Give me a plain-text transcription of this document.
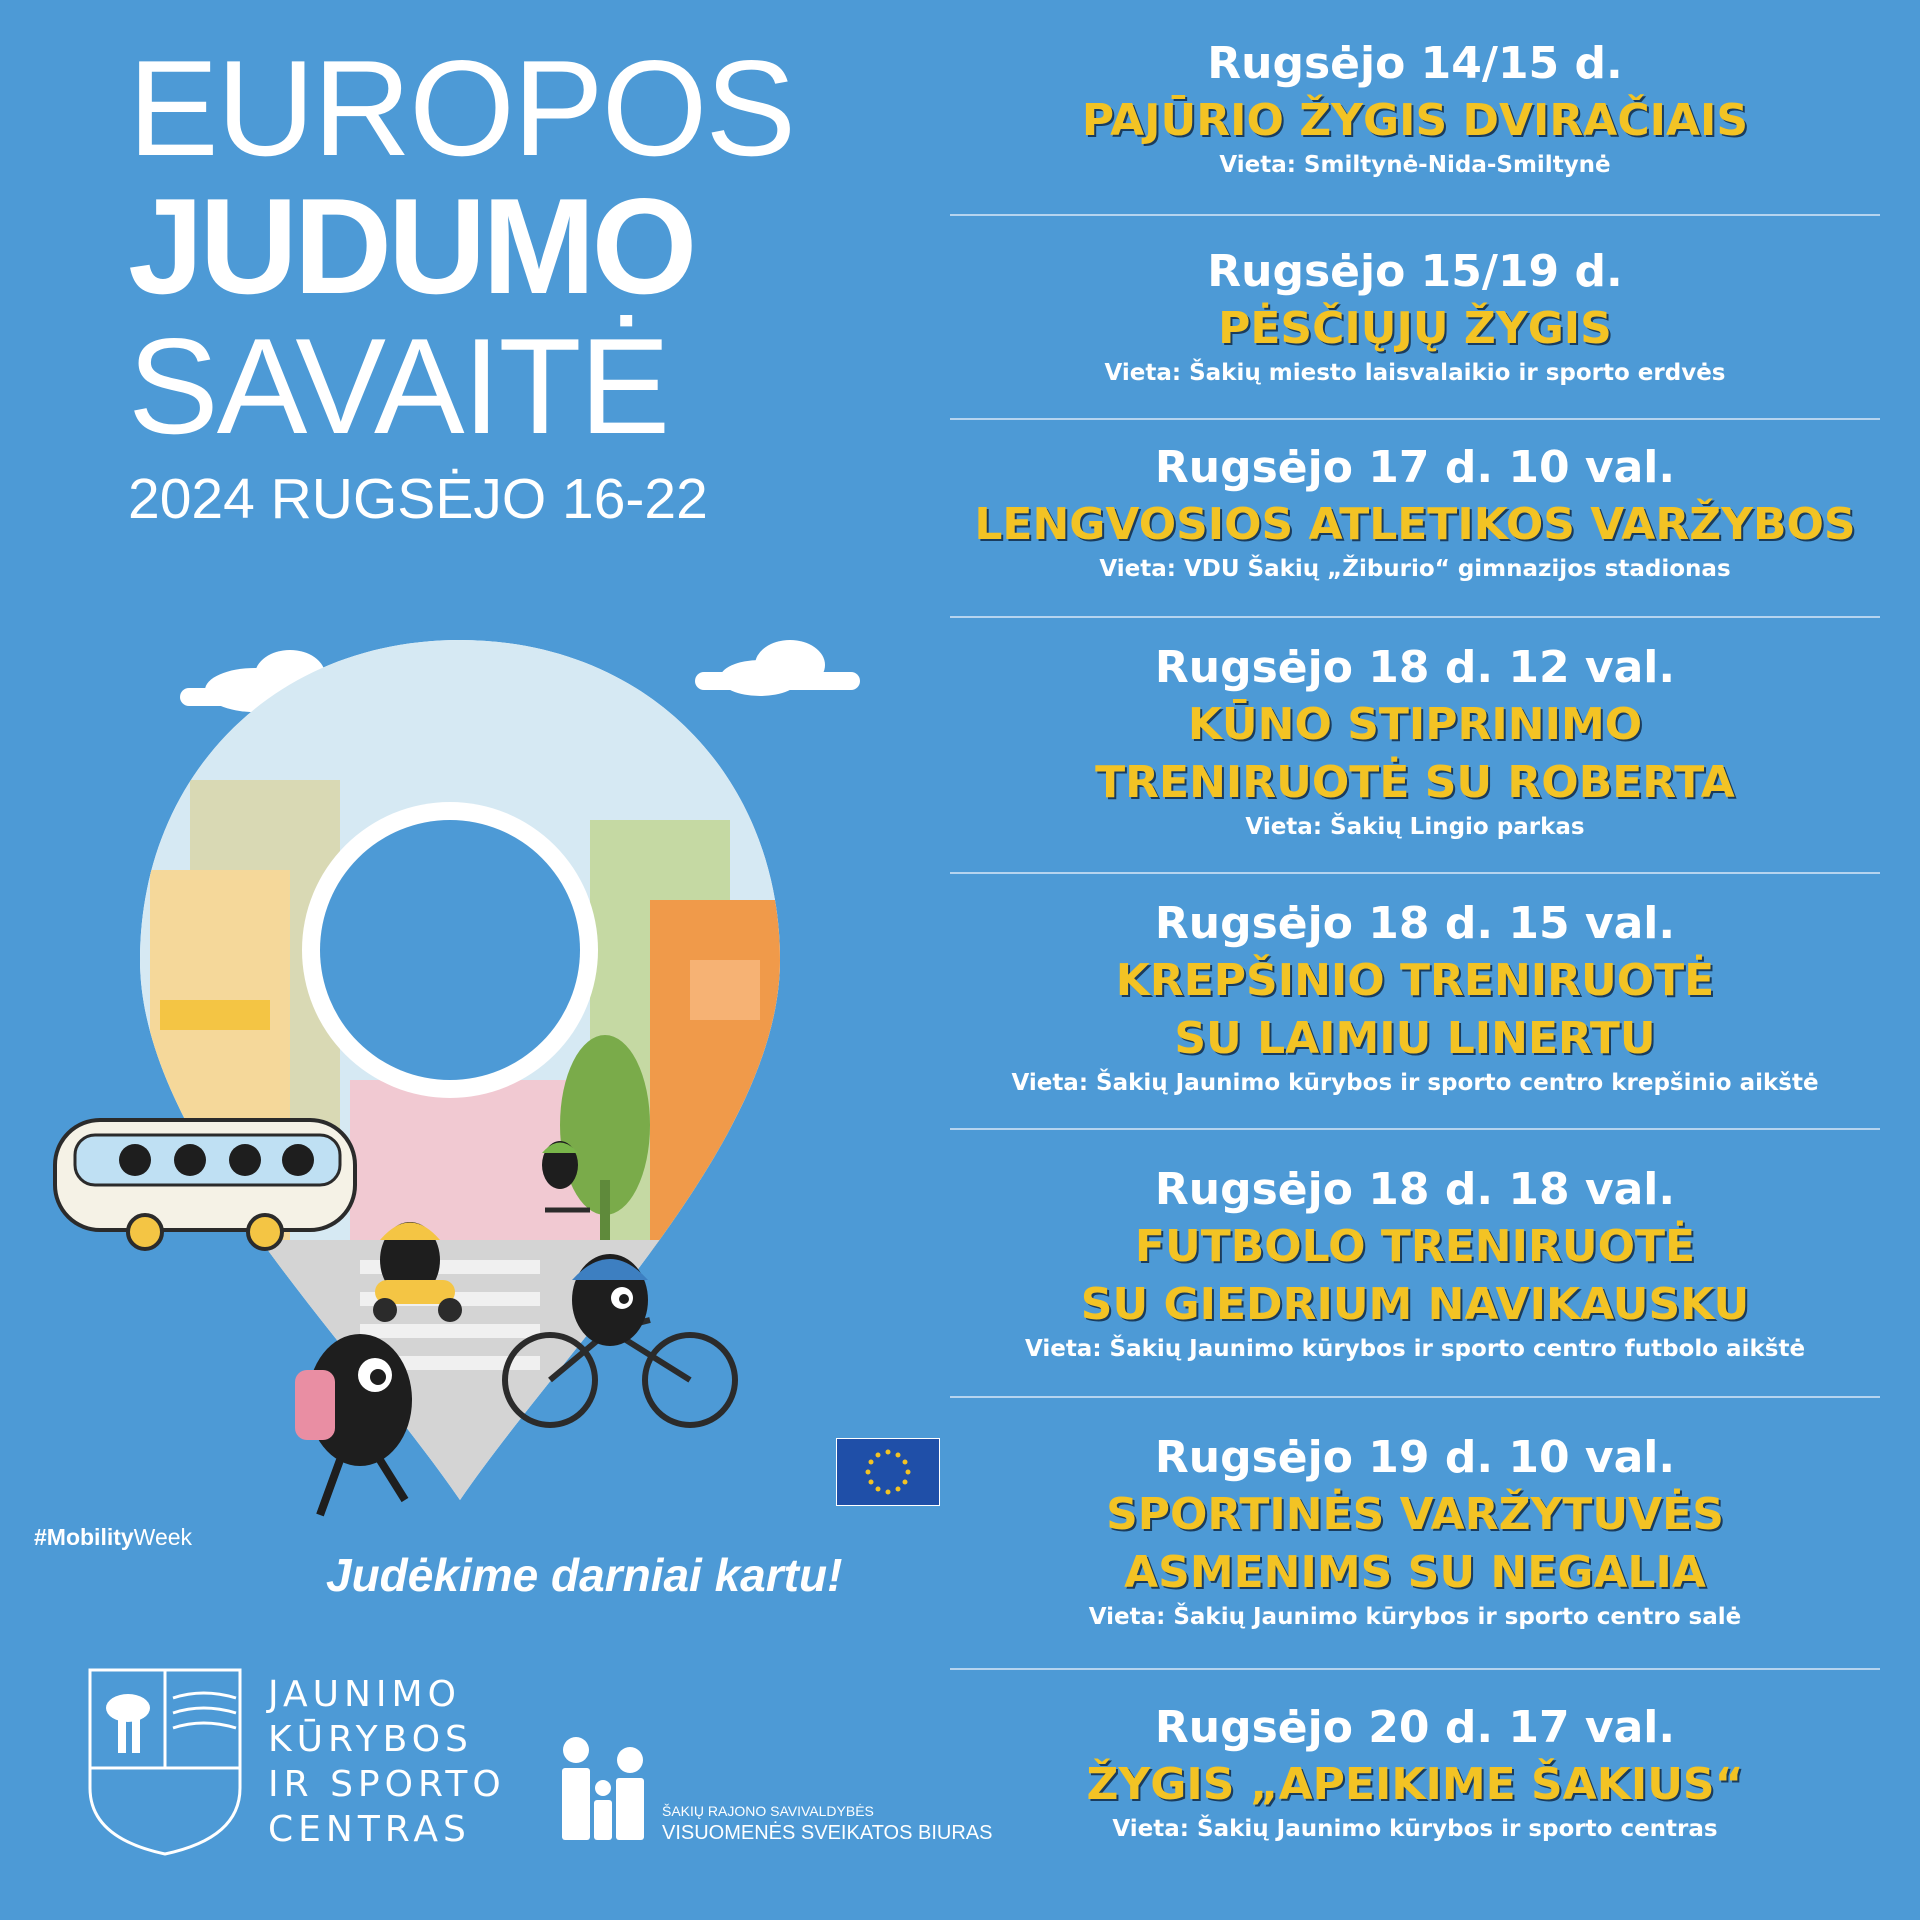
EUROPOS
JUDUMO
SAVAITĖ
2024 RUGSĖJO 16-22
#MobilityWeek
Judėkime darniai kartu!
JAUNIMO
KŪRYBOS
IR SPORTO
CENTRAS	ŠAKIŲ RAJONO SAVIVALDYBĖS
VISUOMENĖS SVEIKATOS BIURAS
Rugsėjo 14/15 d.
PAJŪRIO ŽYGIS DVIRAČIAIS
Vieta: Smiltynė-Nida-Smiltynė
Rugsėjo 15/19 d.
PĖSČIŲJŲ ŽYGIS
Vieta: Šakių miesto laisvalaikio ir sporto erdvės
Rugsėjo 17 d. 10 val.
LENGVOSIOS ATLETIKOS VARŽYBOS
Vieta: VDU Šakių „Žiburio“ gimnazijos stadionas
Rugsėjo 18 d. 12 val.
KŪNO STIPRINIMO
TRENIRUOTĖ SU ROBERTA
Vieta: Šakių Lingio parkas
Rugsėjo 18 d. 15 val.
KREPŠINIO TRENIRUOTĖ
SU LAIMIU LINERTU
Vieta: Šakių Jaunimo kūrybos ir sporto centro krepšinio aikštė
Rugsėjo 18 d. 18 val.
FUTBOLO TRENIRUOTĖ
SU GIEDRIUM NAVIKAUSKU
Vieta: Šakių Jaunimo kūrybos ir sporto centro futbolo aikštė
Rugsėjo 19 d. 10 val.
SPORTINĖS VARŽYTUVĖS
ASMENIMS SU NEGALIA
Vieta: Šakių Jaunimo kūrybos ir sporto centro salė
Rugsėjo 20 d. 17 val.
ŽYGIS „APEIKIME ŠAKIUS“
Vieta: Šakių Jaunimo kūrybos ir sporto centras
